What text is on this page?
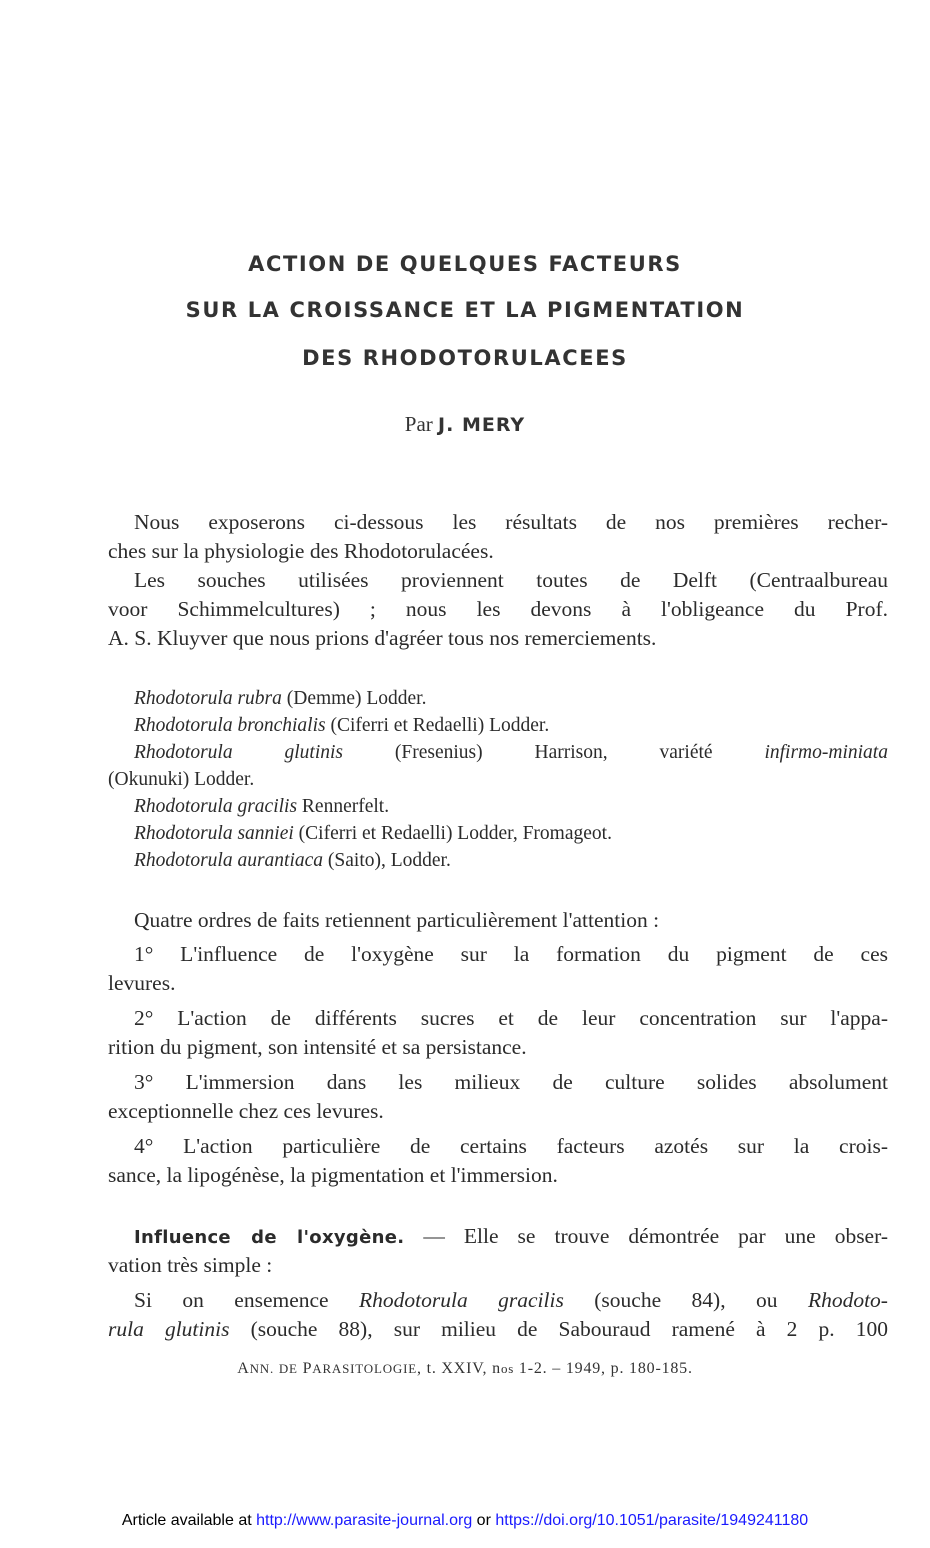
ACTION DE QUELQUES FACTEURS
SUR LA CROISSANCE ET LA PIGMENTATION
DES RHODOTORULACEES
Par J. MERY
Nous exposerons ci-dessous les résultats de nos premières recher-
ches sur la physiologie des Rhodotorulacées.
Les souches utilisées proviennent toutes de Delft (Centraalbureau
voor Schimmelcultures) ; nous les devons à l'obligeance du Prof.
A. S. Kluyver que nous prions d'agréer tous nos remerciements.
Rhodotorula rubra (Demme) Lodder.
Rhodotorula bronchialis (Ciferri et Redaelli) Lodder.
Rhodotorula glutinis (Fresenius) Harrison, variété infirmo-miniata
(Okunuki) Lodder.
Rhodotorula gracilis Rennerfelt.
Rhodotorula sanniei (Ciferri et Redaelli) Lodder, Fromageot.
Rhodotorula aurantiaca (Saito), Lodder.
Quatre ordres de faits retiennent particulièrement l'attention :
1° L'influence de l'oxygène sur la formation du pigment de ces
levures.
2° L'action de différents sucres et de leur concentration sur l'appa-
rition du pigment, son intensité et sa persistance.
3° L'immersion dans les milieux de culture solides absolument
exceptionnelle chez ces levures.
4° L'action particulière de certains facteurs azotés sur la crois-
sance, la lipogénèse, la pigmentation et l'immersion.
Influence de l'oxygène. — Elle se trouve démontrée par une obser-
vation très simple :
Si on ensemence Rhodotorula gracilis (souche 84), ou Rhodoto-
rula glutinis (souche 88), sur milieu de Sabouraud ramené à 2 p. 100
ANN. DE PARASITOLOGIE, t. XXIV, nos 1-2. – 1949, p. 180-185.
Article available at http://www.parasite-journal.org or https://doi.org/10.1051/parasite/1949241180
